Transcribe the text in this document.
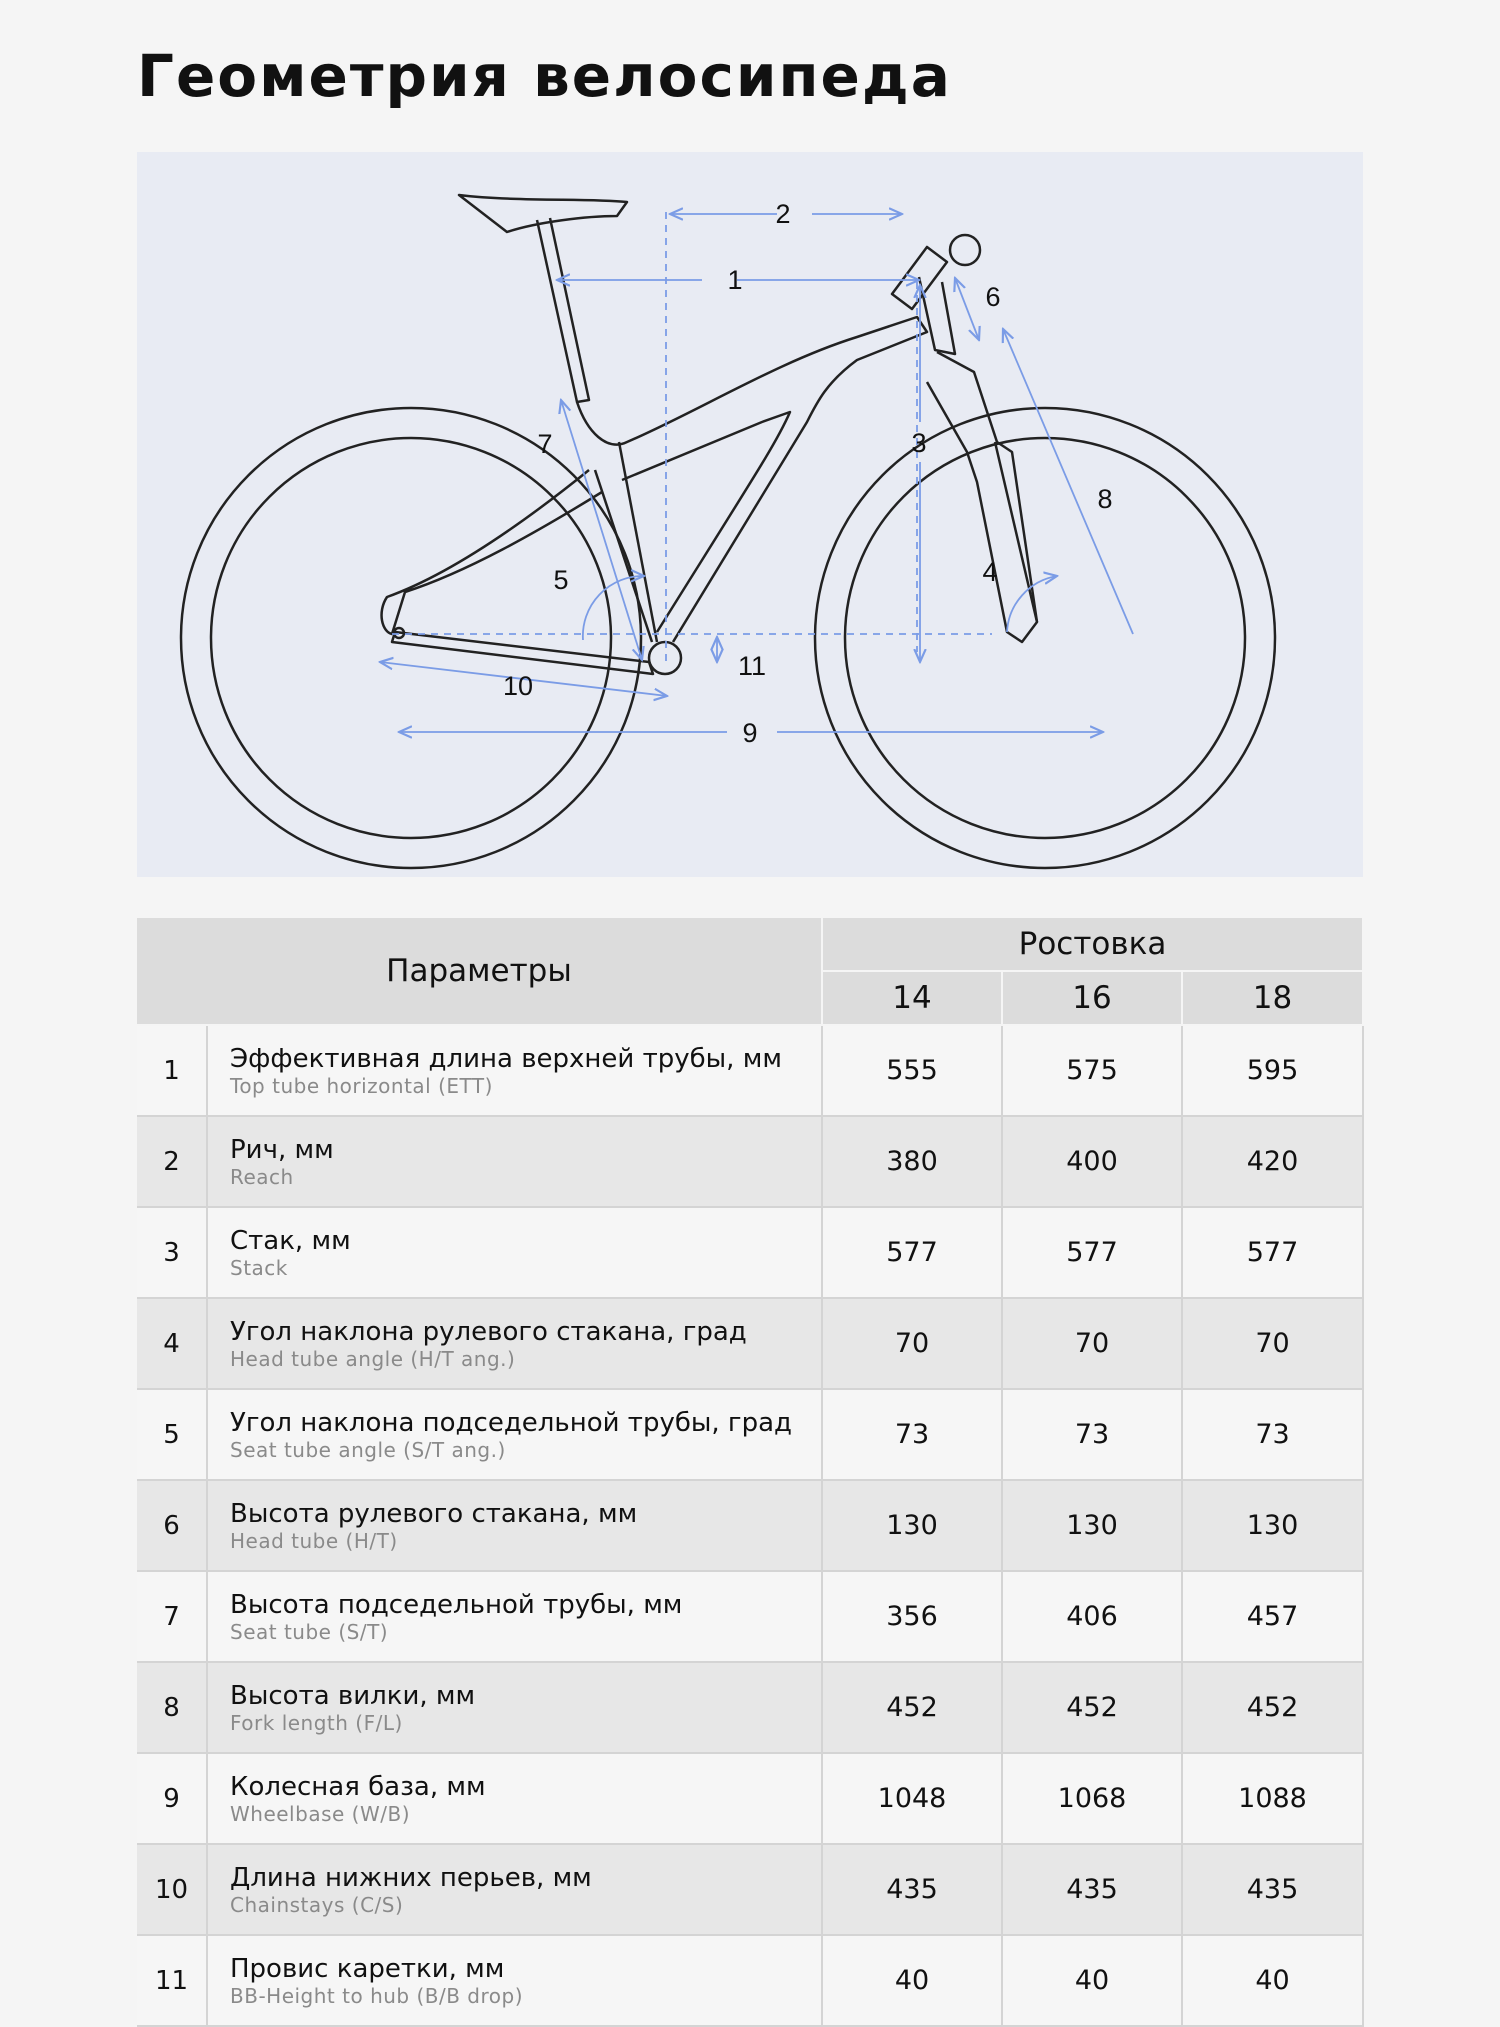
Геометрия велосипеда
1
2
3
4
5
6
7
8
9
10
11
Параметры		Ростовка		
		14	16	18
1	Эффективная длина верхней трубы, мм
Top tube horizontal (ETT)	555	575	595
2	Рич, мм
Reach	380	400	420
3	Стак, мм
Stack	577	577	577
4	Угол наклона рулевого стакана, град
Head tube angle (H/T ang.)	70	70	70
5	Угол наклона подседельной трубы, град
Seat tube angle (S/T ang.)	73	73	73
6	Высота рулевого стакана, мм
Head tube (H/T)	130	130	130
7	Высота подседельной трубы, мм
Seat tube (S/T)	356	406	457
8	Высота вилки, мм
Fork length (F/L)	452	452	452
9	Колесная база, мм
Wheelbase (W/B)	1048	1068	1088
10	Длина нижних перьев, мм
Chainstays (C/S)	435	435	435
11	Провис каретки, мм
BB-Height to hub (B/B drop)	40	40	40
